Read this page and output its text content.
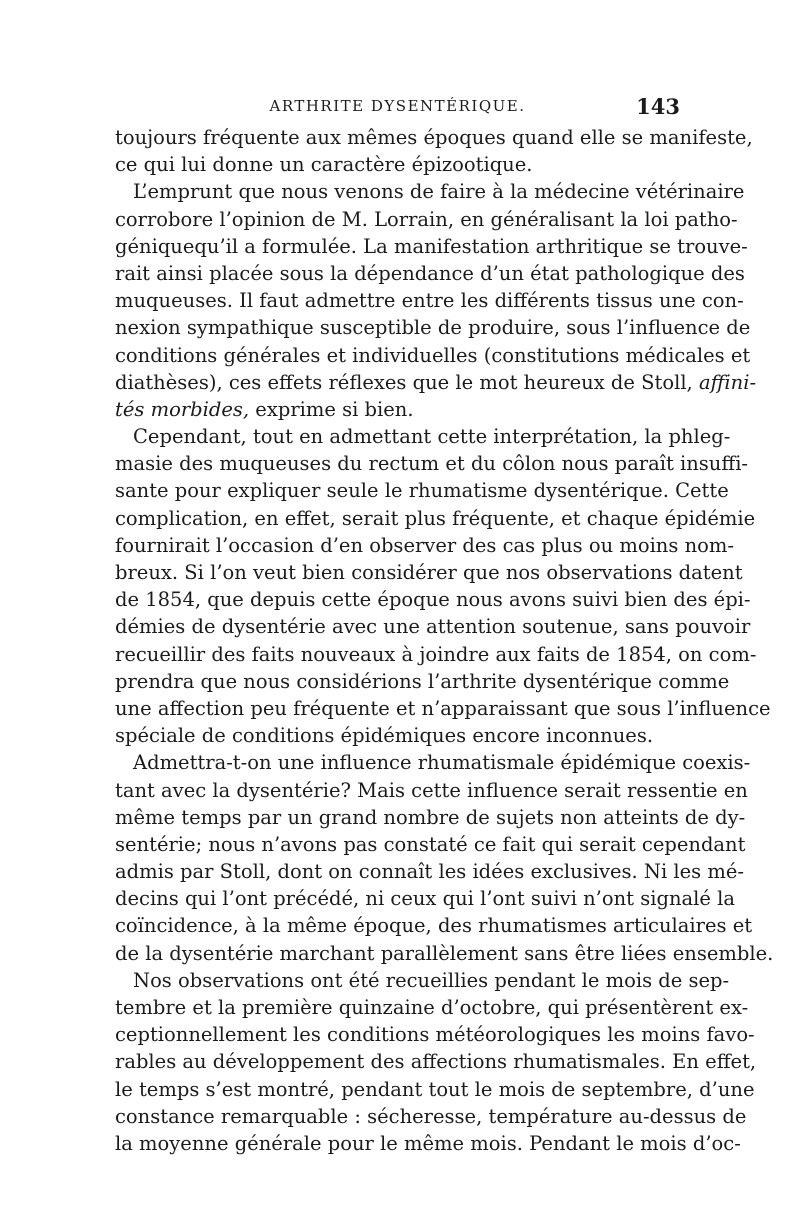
ARTHRITE DYSENTÉRIQUE.	143
toujours fréquente aux mêmes époques quand elle se manifeste,
ce qui lui donne un caractère épizootique.
L’emprunt que nous venons de faire à la médecine vétérinaire
corrobore l’opinion de M. Lorrain, en généralisant la loi patho-
géniquequ’il a formulée. La manifestation arthritique se trouve-
rait ainsi placée sous la dépendance d’un état pathologique des
muqueuses. Il faut admettre entre les différents tissus une con-
nexion sympathique susceptible de produire, sous l’influence de
conditions générales et individuelles (constitutions médicales et
diathèses), ces effets réflexes que le mot heureux de Stoll, affini-
tés morbides, exprime si bien.
Cependant, tout en admettant cette interprétation, la phleg-
masie des muqueuses du rectum et du côlon nous paraît insuffi-
sante pour expliquer seule le rhumatisme dysentérique. Cette
complication, en effet, serait plus fréquente, et chaque épidémie
fournirait l’occasion d’en observer des cas plus ou moins nom-
breux. Si l’on veut bien considérer que nos observations datent
de 1854, que depuis cette époque nous avons suivi bien des épi-
démies de dysentérie avec une attention soutenue, sans pouvoir
recueillir des faits nouveaux à joindre aux faits de 1854, on com-
prendra que nous considérions l’arthrite dysentérique comme
une affection peu fréquente et n’apparaissant que sous l’influence
spéciale de conditions épidémiques encore inconnues.
Admettra-t-on une influence rhumatismale épidémique coexis-
tant avec la dysentérie? Mais cette influence serait ressentie en
même temps par un grand nombre de sujets non atteints de dy-
sentérie; nous n’avons pas constaté ce fait qui serait cependant
admis par Stoll, dont on connaît les idées exclusives. Ni les mé-
decins qui l’ont précédé, ni ceux qui l’ont suivi n’ont signalé la
coïncidence, à la même époque, des rhumatismes articulaires et
de la dysentérie marchant parallèlement sans être liées ensemble.
Nos observations ont été recueillies pendant le mois de sep-
tembre et la première quinzaine d’octobre, qui présentèrent ex-
ceptionnellement les conditions météorologiques les moins favo-
rables au développement des affections rhumatismales. En effet,
le temps s’est montré, pendant tout le mois de septembre, d’une
constance remarquable : sécheresse, température au-dessus de
la moyenne générale pour le même mois. Pendant le mois d’oc-
